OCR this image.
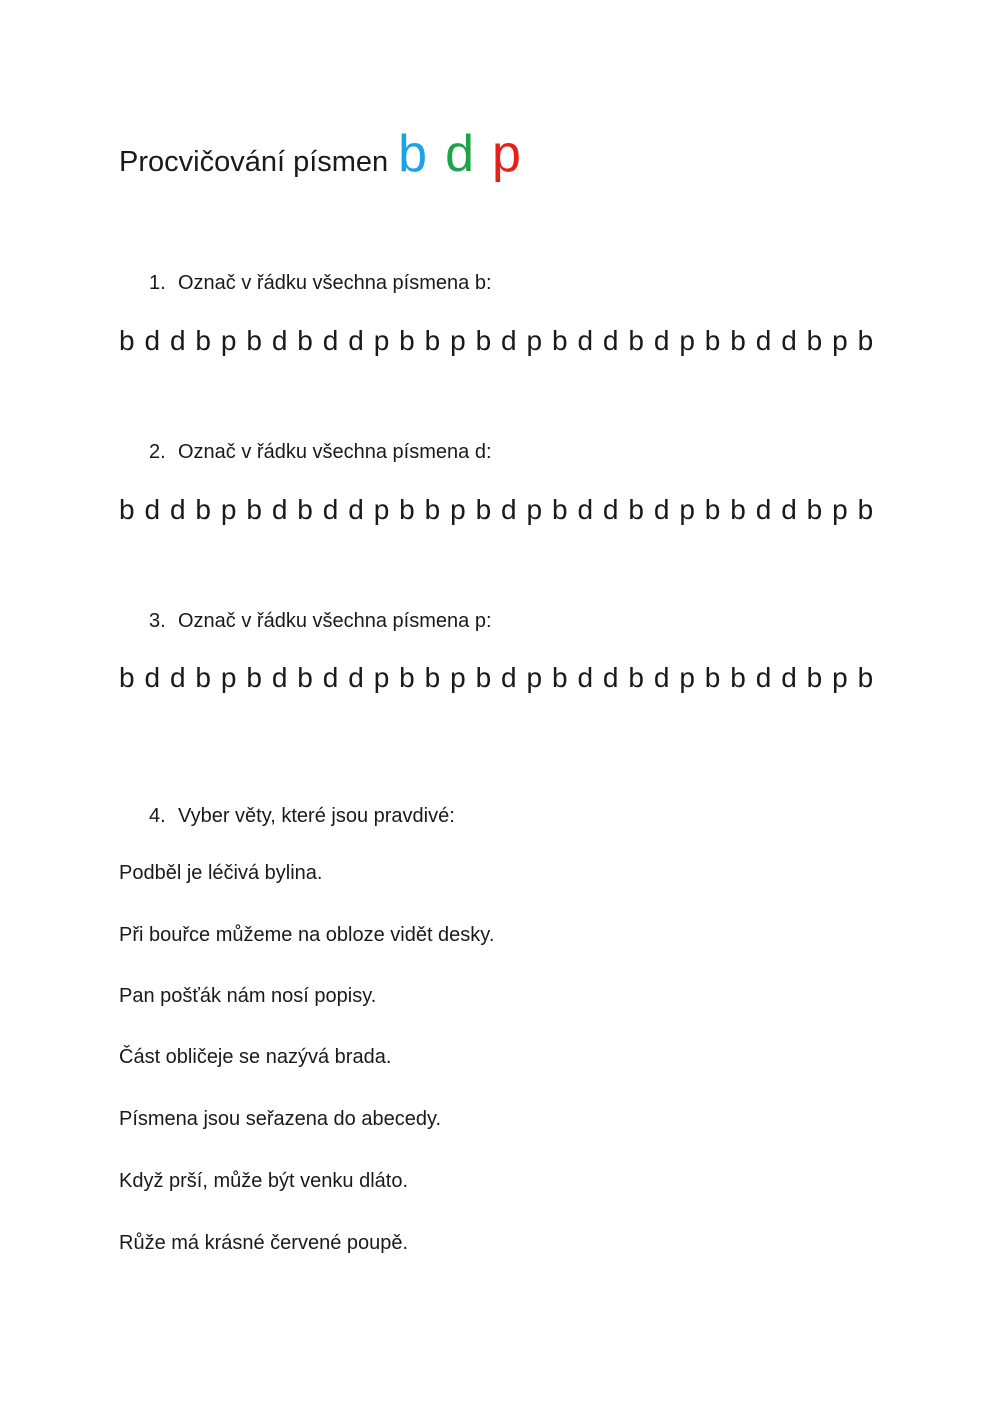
Procvičování písmen b d p
1. Označ v řádku všechna písmena b:
b d d b p b d b d d p b b p b d p b d d b d p b b d d b p b
2. Označ v řádku všechna písmena d:
b d d b p b d b d d p b b p b d p b d d b d p b b d d b p b
3. Označ v řádku všechna písmena p:
b d d b p b d b d d p b b p b d p b d d b d p b b d d b p b
4. Vyber věty, které jsou pravdivé:
Podběl je léčivá bylina.
Při bouřce můžeme na obloze vidět desky.
Pan pošťák nám nosí popisy.
Část obličeje se nazývá brada.
Písmena jsou seřazena do abecedy.
Když prší, může být venku dláto.
Růže má krásné červené poupě.
